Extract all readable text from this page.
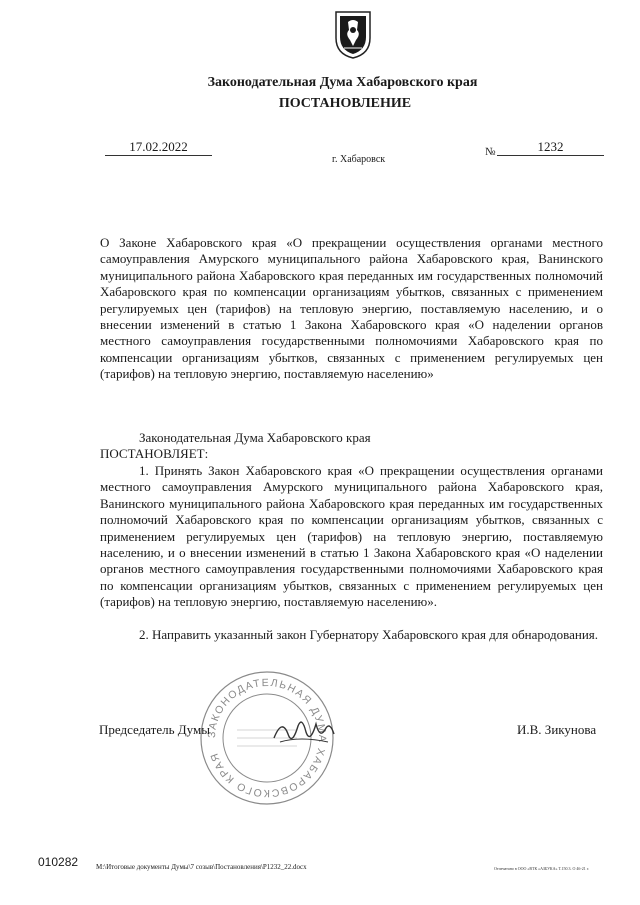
Законодательная Дума Хабаровского края
ПОСТАНОВЛЕНИЕ
17.02.2022
г. Хабаровск
№	1232
О Законе Хабаровского края «О прекращении осуществления органами местного самоуправления Амурского муниципального района Хабаровского края, Ванинского муниципального района Хабаровского края переданных им государственных полномочий Хабаровского края по компенсации организациям убытков, связанных с применением регулируемых цен (тарифов) на тепловую энергию, поставляемую населению, и о внесении изменений в статью 1 Закона Хабаровского края «О наделении органов местного самоуправления государственными полномочиями Хабаровского края по компенсации организациям убытков, связанных с применением регулируемых цен (тарифов) на тепловую энергию, поставляемую населению»
Законодательная Дума Хабаровского края
ПОСТАНОВЛЯЕТ:
1. Принять Закон Хабаровского края «О прекращении осуществления органами местного самоуправления Амурского муниципального района Хабаровского края, Ванинского муниципального района Хабаровского края переданных им государственных полномочий Хабаровского края по компенсации организациям убытков, связанных с применением регулируемых цен (тарифов) на тепловую энергию, поставляемую населению, и о внесении изменений в статью 1 Закона Хабаровского края «О наделении органов местного самоуправления государственными полномочиями Хабаровского края по компенсации организациям убытков, связанных с применением регулируемых цен (тарифов) на тепловую энергию, поставляемую населению».
2. Направить указанный закон Губернатору Хабаровского края для обнародования.
ЗАКОНОДАТЕЛЬНАЯ ДУМА ХАБАРОВСКОГО КРАЯ
Председатель Думы	И.В. Зикунова
010282	M:\Итоговые документы Думы\7 созыв\Постановления\P1232_22.docx	Отпечатано в ООО «ВТК «АЗБУКА» Т.150.3. О 46-21 г.
